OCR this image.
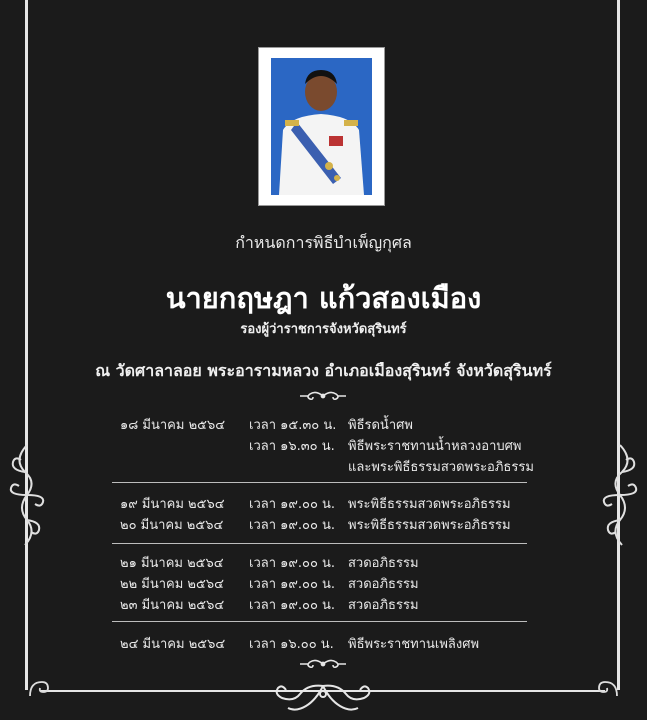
กำหนดการพิธีบำเพ็ญกุศล
นายกฤษฎา แก้วสองเมือง
รองผู้ว่าราชการจังหวัดสุรินทร์
ณ วัดศาลาลอย พระอารามหลวง อำเภอเมืองสุรินทร์ จังหวัดสุรินทร์
๑๘ มีนาคม ๒๕๖๔ เวลา ๑๕.๓๐ น. พิธีรดน้ำศพ
เวลา ๑๖.๓๐ น. พิธีพระราชทานน้ำหลวงอาบศพ
และพระพิธีธรรมสวดพระอภิธรรม
๑๙ มีนาคม ๒๕๖๔ เวลา ๑๙.๐๐ น. พระพิธีธรรมสวดพระอภิธรรม
๒๐ มีนาคม ๒๕๖๔ เวลา ๑๙.๐๐ น. พระพิธีธรรมสวดพระอภิธรรม
๒๑ มีนาคม ๒๕๖๔ เวลา ๑๙.๐๐ น. สวดอภิธรรม
๒๒ มีนาคม ๒๕๖๔ เวลา ๑๙.๐๐ น. สวดอภิธรรม
๒๓ มีนาคม ๒๕๖๔ เวลา ๑๙.๐๐ น. สวดอภิธรรม
๒๔ มีนาคม ๒๕๖๔ เวลา ๑๖.๐๐ น. พิธีพระราชทานเพลิงศพ
